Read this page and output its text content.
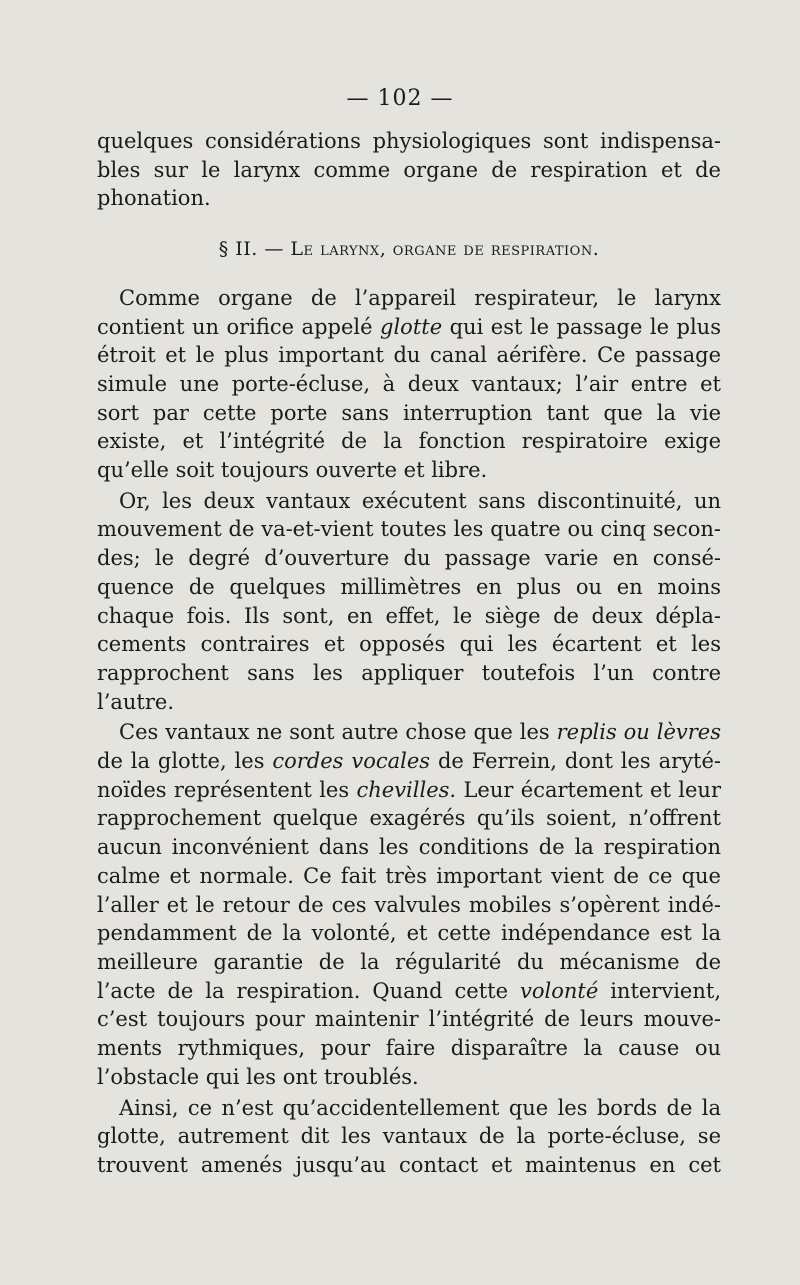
— 102 —
quelques considérations physiologiques sont indispensa-
bles sur le larynx comme organe de respiration et de
phonation.
§ II. — Le larynx, organe de respiration.
Comme organe de l’appareil respirateur, le larynx
contient un orifice appelé glotte qui est le passage le plus
étroit et le plus important du canal aérifère. Ce passage
simule une porte-écluse, à deux vantaux; l’air entre et
sort par cette porte sans interruption tant que la vie
existe, et l’intégrité de la fonction respiratoire exige
qu’elle soit toujours ouverte et libre.
Or, les deux vantaux exécutent sans discontinuité, un
mouvement de va-et-vient toutes les quatre ou cinq secon-
des; le degré d’ouverture du passage varie en consé-
quence de quelques millimètres en plus ou en moins
chaque fois. Ils sont, en effet, le siège de deux dépla-
cements contraires et opposés qui les écartent et les
rapprochent sans les appliquer toutefois l’un contre
l’autre.
Ces vantaux ne sont autre chose que les replis ou lèvres
de la glotte, les cordes vocales de Ferrein, dont les aryté-
noïdes représentent les chevilles. Leur écartement et leur
rapprochement quelque exagérés qu’ils soient, n’offrent
aucun inconvénient dans les conditions de la respiration
calme et normale. Ce fait très important vient de ce que
l’aller et le retour de ces valvules mobiles s’opèrent indé-
pendamment de la volonté, et cette indépendance est la
meilleure garantie de la régularité du mécanisme de
l’acte de la respiration. Quand cette volonté intervient,
c’est toujours pour maintenir l’intégrité de leurs mouve-
ments rythmiques, pour faire disparaître la cause ou
l’obstacle qui les ont troublés.
Ainsi, ce n’est qu’accidentellement que les bords de la
glotte, autrement dit les vantaux de la porte-écluse, se
trouvent amenés jusqu’au contact et maintenus en cet
